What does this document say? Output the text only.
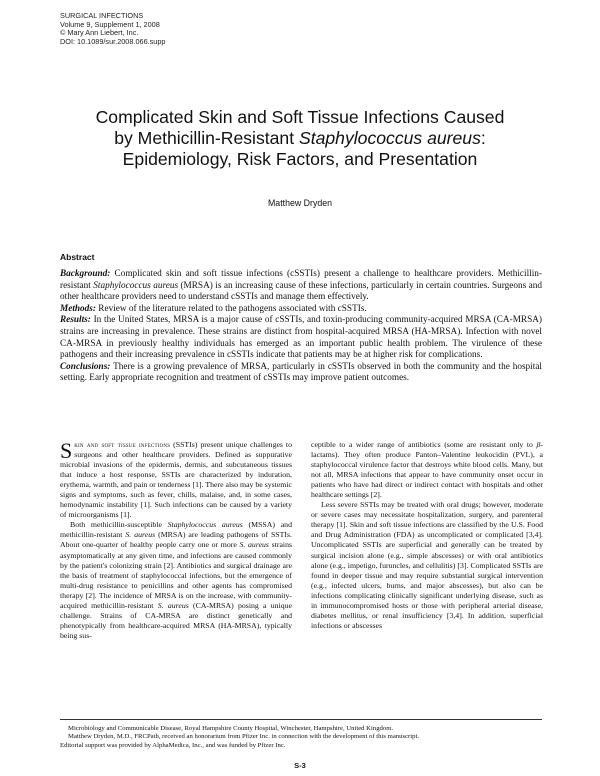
SURGICAL INFECTIONS
Volume 9, Supplement 1, 2008
© Mary Ann Liebert, Inc.
DOI: 10.1089/sur.2008.066.supp
Complicated Skin and Soft Tissue Infections Caused
by Methicillin-Resistant Staphylococcus aureus:
Epidemiology, Risk Factors, and Presentation
Matthew Dryden
Abstract

Background: Complicated skin and soft tissue infections (cSSTIs) present a challenge to healthcare providers. Methicillin-resistant Staphylococcus aureus (MRSA) is an increasing cause of these infections, particularly in certain countries. Surgeons and other healthcare providers need to understand cSSTIs and manage them effectively.

Methods: Review of the literature related to the pathogens associated with cSSTIs.

Results: In the United States, MRSA is a major cause of cSSTIs, and toxin-producing community-acquired MRSA (CA-MRSA) strains are increasing in prevalence. These strains are distinct from hospital-acquired MRSA (HA-MRSA). Infection with novel CA-MRSA in previously healthy individuals has emerged as an important public health problem. The virulence of these pathogens and their increasing prevalence in cSSTIs indicate that patients may be at higher risk for complications.

Conclusions: There is a growing prevalence of MRSA, particularly in cSSTIs observed in both the community and the hospital setting. Early appropriate recognition and treatment of cSSTIs may improve patient outcomes.

Skin and soft tissue infections (SSTIs) present unique challenges to surgeons and other healthcare providers. Defined as suppurative microbial invasions of the epidermis, dermis, and subcutaneous tissues that induce a host response, SSTIs are characterized by induration, erythema, warmth, and pain or tenderness [1]. There also may be systemic signs and symptoms, such as fever, chills, malaise, and, in some cases, hemodynamic instability [1]. Such infections can be caused by a variety of microorganisms [1].

Both methicillin-susceptible Staphylococcus aureus (MSSA) and methicillin-resistant S. aureus (MRSA) are leading pathogens of SSTIs. About one-quarter of healthy people carry one or more S. aureus strains asymptomatically at any given time, and infections are caused commonly by the patient's colonizing strain [2]. Antibiotics and surgical drainage are the basis of treatment of staphylococcal infections, but the emergence of multi-drug resistance to penicillins and other agents has compromised therapy [2]. The incidence of MRSA is on the increase, with community-acquired methicillin-resistant S. aureus (CA-MRSA) posing a unique challenge. Strains of CA-MRSA are distinct genetically and phenotypically from healthcare-acquired MRSA (HA-MRSA), typically being sus-

ceptible to a wider range of antibiotics (some are resistant only to β-lactams). They often produce Panton–Valentine leukocidin (PVL), a staphylococcal virulence factor that destroys white blood cells. Many, but not all, MRSA infections that appear to have community onset occur in patients who have had direct or indirect contact with hospitals and other healthcare settings [2].

Less severe SSTIs may be treated with oral drugs; however, moderate or severe cases may necessitate hospitalization, surgery, and parenteral therapy [1]. Skin and soft tissue infections are classified by the U.S. Food and Drug Administration (FDA) as uncomplicated or complicated [3,4]. Uncomplicated SSTIs are superficial and generally can be treated by surgical incision alone (e.g., simple abscesses) or with oral antibiotics alone (e.g., impetigo, furuncles, and cellulitis) [3]. Complicated SSTIs are found in deeper tissue and may require substantial surgical intervention (e.g., infected ulcers, burns, and major abscesses), but also can be infections complicating clinically significant underlying disease, such as in immunocompromised hosts or those with peripheral arterial disease, diabetes mellitus, or renal insufficiency [3,4]. In addition, superficial infections or abscesses

Microbiology and Communicable Disease, Royal Hampshire County Hospital, Winchester, Hampshire, United Kingdom.
Matthew Dryden, M.D., FRCPath, received an honorarium from Pfizer Inc. in connection with the development of this manuscript.
Editorial support was provided by AlphaMedica, Inc., and was funded by Pfizer Inc.
S-3
